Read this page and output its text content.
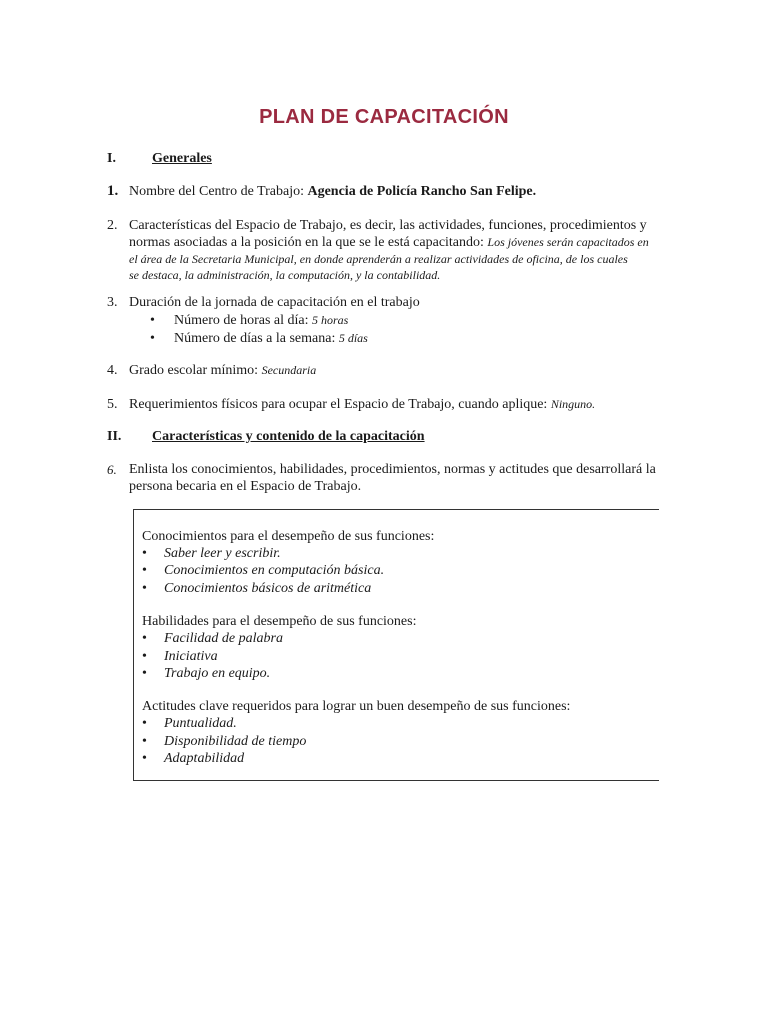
PLAN DE CAPACITACIÓN
I.	Generales
1. Nombre del Centro de Trabajo: Agencia de Policía Rancho San Felipe.
2. Características del Espacio de Trabajo, es decir, las actividades, funciones, procedimientos y
normas asociadas a la posición en la que se le está capacitando: Los jóvenes serán capacitados en
el área de la Secretaria Municipal, en donde aprenderán a realizar actividades de oficina, de los cuales
se destaca, la administración, la computación, y la contabilidad.
3. Duración de la jornada de capacitación en el trabajo
• Número de horas al día: 5 horas
• Número de días a la semana: 5 días
4. Grado escolar mínimo: Secundaria
5. Requerimientos físicos para ocupar el Espacio de Trabajo, cuando aplique: Ninguno.
II. Características y contenido de la capacitación
6. Enlista los conocimientos, habilidades, procedimientos, normas y actitudes que desarrollará la
persona becaria en el Espacio de Trabajo.
Conocimientos para el desempeño de sus funciones:
• Saber leer y escribir.
• Conocimientos en computación básica.
• Conocimientos básicos de aritmética
Habilidades para el desempeño de sus funciones:
• Facilidad de palabra
• Iniciativa
• Trabajo en equipo.
Actitudes clave requeridos para lograr un buen desempeño de sus funciones:
• Puntualidad.
• Disponibilidad de tiempo
• Adaptabilidad
